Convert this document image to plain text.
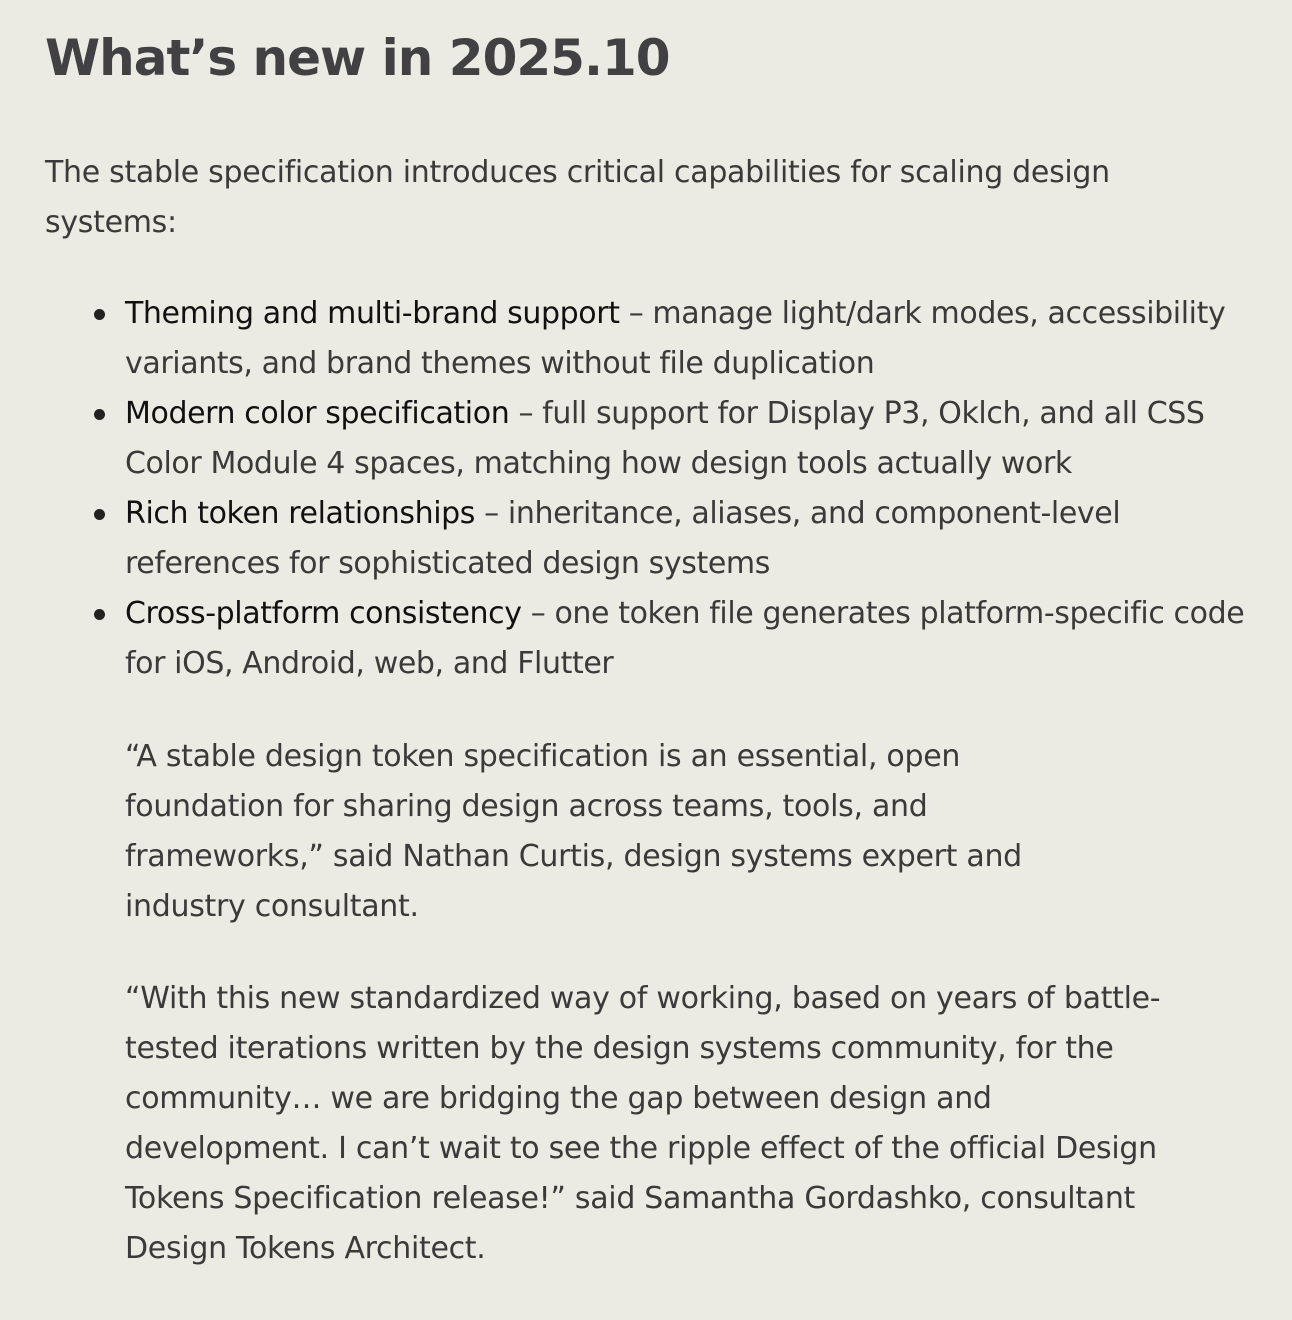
What’s new in 2025.10

The stable specification introduces critical capabilities for scaling design systems:

Theming and multi-brand support – manage light/dark modes, accessibility variants, and brand themes without file duplication
Modern color specification – full support for Display P3, Oklch, and all CSS Color Module 4 spaces, matching how design tools actually work
Rich token relationships – inheritance, aliases, and component-level references for sophisticated design systems
Cross-platform consistency – one token file generates platform-specific code for iOS, Android, web, and Flutter

“A stable design token specification is an essential, open foundation for sharing design across teams, tools, and frameworks,” said Nathan Curtis, design systems expert and industry consultant.

“With this new standardized way of working, based on years of battle-tested iterations written by the design systems community, for the community… we are bridging the gap between design and development. I can’t wait to see the ripple effect of the official Design Tokens Specification release!” said Samantha Gordashko, consultant Design Tokens Architect.
